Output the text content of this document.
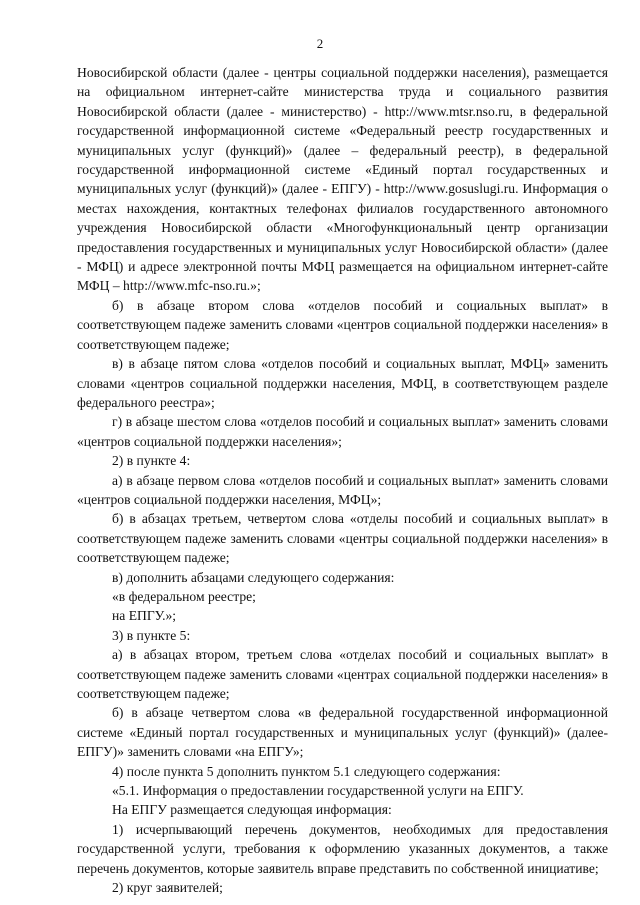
2

Новосибирской области (далее - центры социальной поддержки населения), размещается на официальном интернет-сайте министерства труда и социального развития Новосибирской области (далее - министерство) - http://www.mtsr.nso.ru, в федеральной государственной информационной системе «Федеральный реестр государственных и муниципальных услуг (функций)» (далее – федеральный реестр), в федеральной государственной информационной системе «Единый портал государственных и муниципальных услуг (функций)» (далее - ЕПГУ) - http://www.gosuslugi.ru. Информация о местах нахождения, контактных телефонах филиалов государственного автономного учреждения Новосибирской области «Многофункциональный центр организации предоставления государственных и муниципальных услуг Новосибирской области» (далее - МФЦ) и адресе электронной почты МФЦ размещается на официальном интернет-сайте МФЦ – http://www.mfc-nso.ru.»;

б) в абзаце втором слова «отделов пособий и социальных выплат» в соответствующем падеже заменить словами «центров социальной поддержки населения» в соответствующем падеже;

в) в абзаце пятом слова «отделов пособий и социальных выплат, МФЦ» заменить словами «центров социальной поддержки населения, МФЦ, в соответствующем разделе федерального реестра»;

г) в абзаце шестом слова «отделов пособий и социальных выплат» заменить словами «центров социальной поддержки населения»;

2) в пункте 4:

а) в абзаце первом слова «отделов пособий и социальных выплат» заменить словами «центров социальной поддержки населения, МФЦ»;

б) в абзацах третьем, четвертом слова «отделы пособий и социальных выплат» в соответствующем падеже заменить словами «центры социальной поддержки населения» в соответствующем падеже;

в) дополнить абзацами следующего содержания:

«в федеральном реестре;

на ЕПГУ.»;

3) в пункте 5:

а) в абзацах втором, третьем слова «отделах пособий и социальных выплат» в соответствующем падеже заменить словами «центрах социальной поддержки населения» в соответствующем падеже;

б) в абзаце четвертом слова «в федеральной государственной информационной системе «Единый портал государственных и муниципальных услуг (функций)» (далее-ЕПГУ)» заменить словами «на ЕПГУ»;

4) после пункта 5 дополнить пунктом 5.1 следующего содержания:

«5.1. Информация о предоставлении государственной услуги на ЕПГУ.

На ЕПГУ размещается следующая информация:

1) исчерпывающий перечень документов, необходимых для предоставления государственной услуги, требования к оформлению указанных документов, а также перечень документов, которые заявитель вправе представить по собственной инициативе;

2) круг заявителей;
